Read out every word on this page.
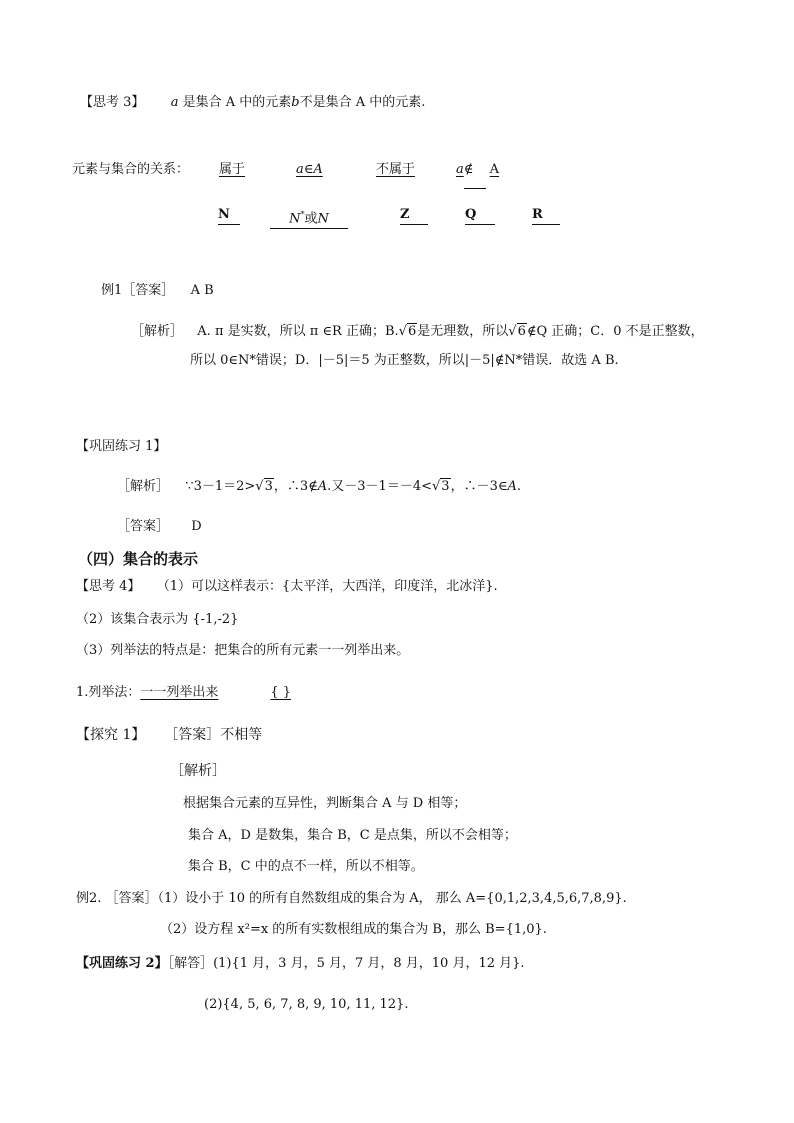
【思考 3】 a 是集合 A 中的元素b不是集合 A 中的元素.
元素与集合的关系： 属于	a∈A	不属于	a∉ A
N	N*或N	Z	Q	R
例1［答案］ A B
［解析］ A. π 是实数，所以 π ∈R 正确；B.√6是无理数，所以√6∉Q 正确；C．0 不是正整数，
所以 0∈N*错误；D．|－5|＝5 为正整数，所以|－5|∉N*错误．故选 A B.
【巩固练习 1】
［解析］ ∵3－1＝2>√3，∴3∉A.又－3－1＝－4<√3，∴－3∈A.
［答案］ D
（四）集合的表示
【思考 4】 （1）可以这样表示：{太平洋，大西洋，印度洋，北冰洋}.
（2）该集合表示为 {-1,-2}
（3）列举法的特点是：把集合的所有元素一一列举出来。
1.列举法：一一列举出来	{ }
【探究 1】 ［答案］不相等
［解析］
根据集合元素的互异性，判断集合 A 与 D 相等；
集合 A，D 是数集，集合 B，C 是点集，所以不会相等；
集合 B，C 中的点不一样，所以不相等。
例2. ［答案］（1）设小于 10 的所有自然数组成的集合为 A， 那么 A={0,1,2,3,4,5,6,7,8,9}.
（2）设方程 x²=x 的所有实数根组成的集合为 B，那么 B={1,0}.
【巩固练习 2】［解答］(1){1 月，3 月，5 月，7 月，8 月，10 月，12 月}.
(2){4, 5, 6, 7, 8, 9, 10, 11, 12}.
